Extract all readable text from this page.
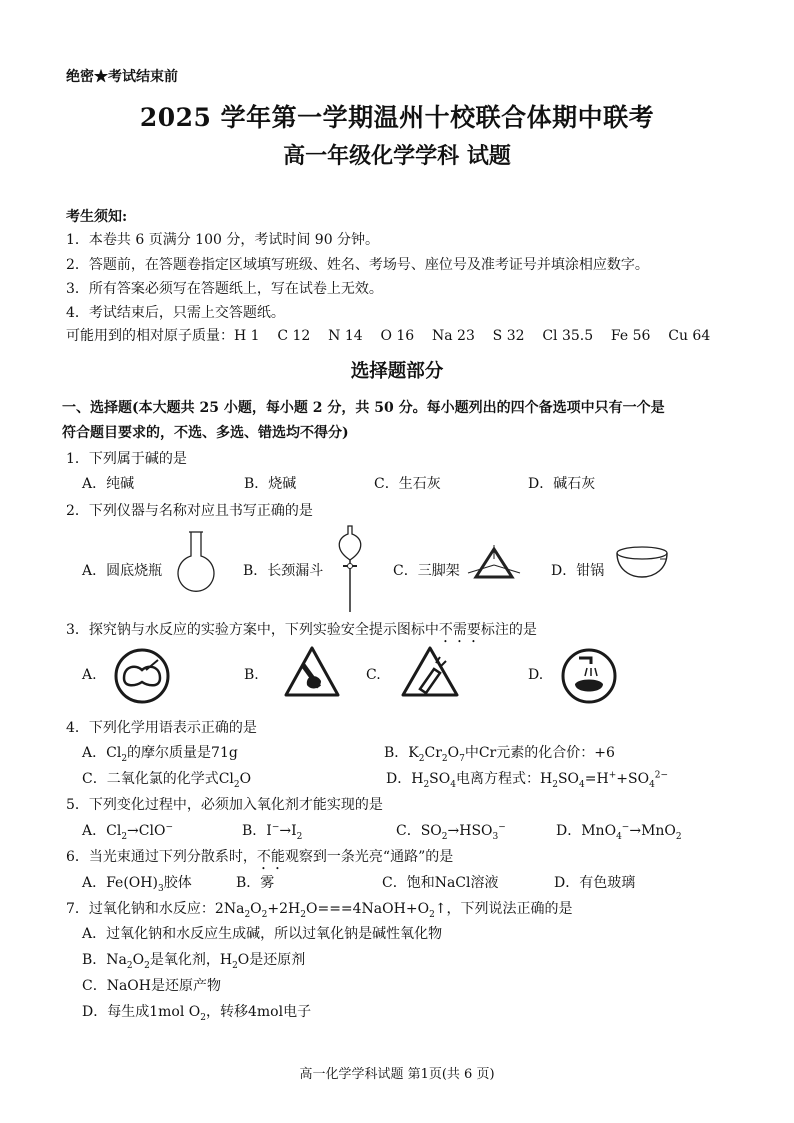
绝密★考试结束前
2025 学年第一学期温州十校联合体期中联考
高一年级化学学科 试题
考生须知:
1．本卷共 6 页满分 100 分，考试时间 90 分钟。
2．答题前，在答题卷指定区域填写班级、姓名、考场号、座位号及准考证号并填涂相应数字。
3．所有答案必须写在答题纸上，写在试卷上无效。
4．考试结束后，只需上交答题纸。
可能用到的相对原子质量：H 1    C 12    N 14    O 16    Na 23    S 32    Cl 35.5    Fe 56    Cu 64
选择题部分
一、选择题(本大题共 25 小题，每小题 2 分，共 50 分。每小题列出的四个备选项中只有一个是
符合题目要求的，不选、多选、错选均不得分)
1．下列属于碱的是
A．纯碱	B．烧碱	C．生石灰	D．碱石灰
2．下列仪器与名称对应且书写正确的是
A．圆底烧瓶	B．长颈漏斗	C．三脚架	D．钳锅
3．探究钠与水反应的实验方案中，下列实验安全提示图标中不需要标注的是
A.	B.	C.	D.
4．下列化学用语表示正确的是
A．$Cl_2$的摩尔质量是71g	B．$K_2Cr_2O_7$中Cr元素的化合价：+6
C．二氧化氯的化学式$Cl_2O$	D．$H_2SO_4$电离方程式：$H_2SO_4=H^++SO_4^{2-}$
5．下列变化过程中，必须加入氧化剂才能实现的是
A．$Cl_2\to ClO^-$	B．$I^-\to I_2$	C．$SO_2\to HSO_3^-$	D．MnO$_4$−→MnO$_2$
6．当光束通过下列分散系时，不能观察到一条光亮“通路”的是
A．$Fe(OH)_3$胶体	B．雾	C．饱和NaCl溶液	D．有色玻璃
7．过氧化钠和水反应：$2Na_2O_2+2H_2O===4NaOH+O_2↑$，下列说法正确的是
A．过氧化钠和水反应生成碱，所以过氧化钠是碱性氧化物
B．$Na_2O_2$是氧化剂，$H_2O$是还原剂
C．NaOH是还原产物
D．每生成1mol $O_2$，转移4mol电子
高一化学学科试题 第1页(共 6 页)
